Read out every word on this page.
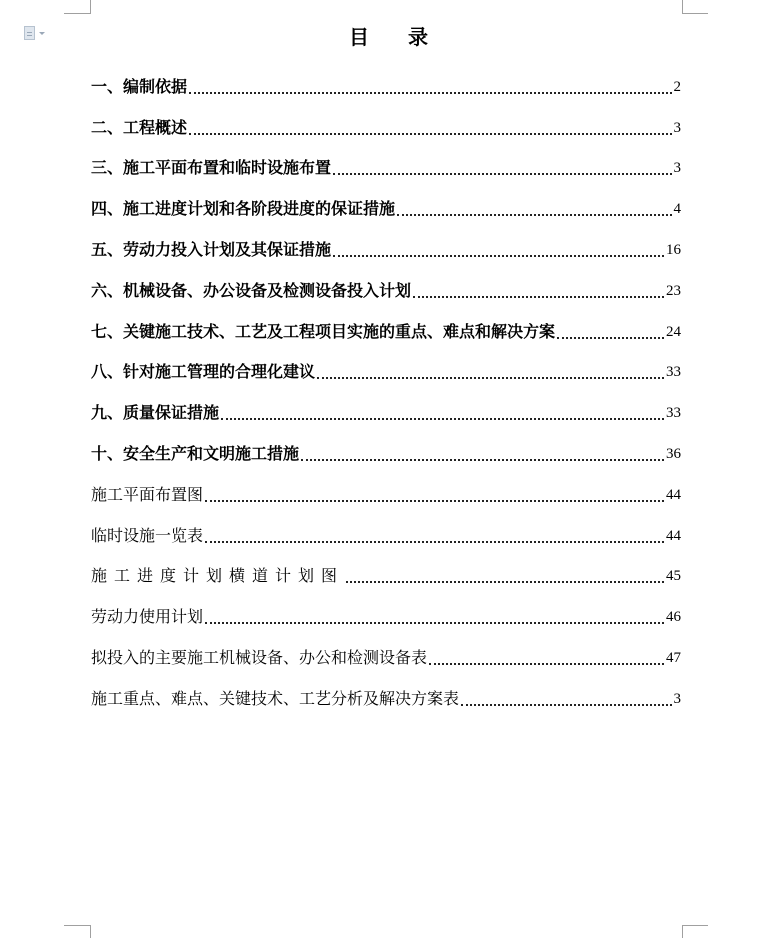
目 录
一、编制依据	2
二、工程概述	3
三、施工平面布置和临时设施布置	3
四、施工进度计划和各阶段进度的保证措施	4
五、劳动力投入计划及其保证措施	16
六、机械设备、办公设备及检测设备投入计划	23
七、关键施工技术、工艺及工程项目实施的重点、难点和解决方案	24
八、针对施工管理的合理化建议	33
九、质量保证措施	33
十、安全生产和文明施工措施	36
施工平面布置图	44
临时设施一览表	44
施工进度计划横道计划图	45
劳动力使用计划	46
拟投入的主要施工机械设备、办公和检测设备表	47
施工重点、难点、关键技术、工艺分析及解决方案表	3
